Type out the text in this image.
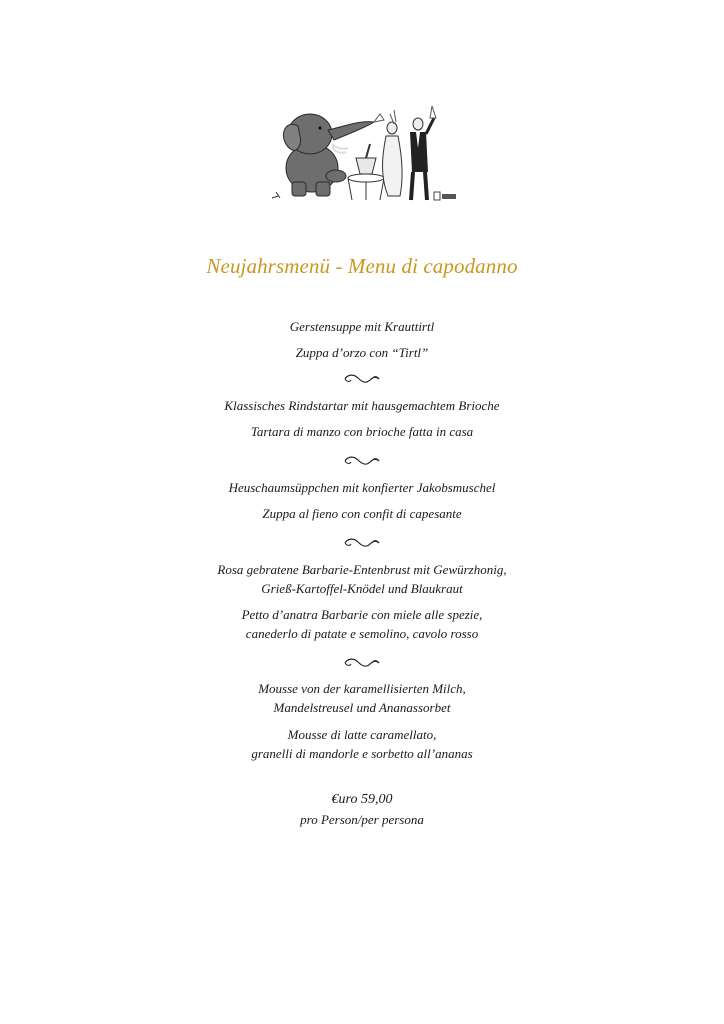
Neujahrsmenü - Menu di capodanno
Gerstensuppe mit Krauttirtl
Zuppa d’orzo con “Tirtl”
Klassisches Rindstartar mit hausgemachtem Brioche
Tartara di manzo con brioche fatta in casa
Heuschaumsüppchen mit konfierter Jakobsmuschel
Zuppa al fieno con confit di capesante
Rosa gebratene Barbarie-Entenbrust mit Gewürzhonig,
Grieß-Kartoffel-Knödel und Blaukraut
Petto d’anatra Barbarie con miele alle spezie,
canederlo di patate e semolino, cavolo rosso
Mousse von der karamellisierten Milch,
Mandelstreusel und Ananassorbet
Mousse di latte caramellato,
granelli di mandorle e sorbetto all’ananas
€uro 59,00
pro Person/per persona
